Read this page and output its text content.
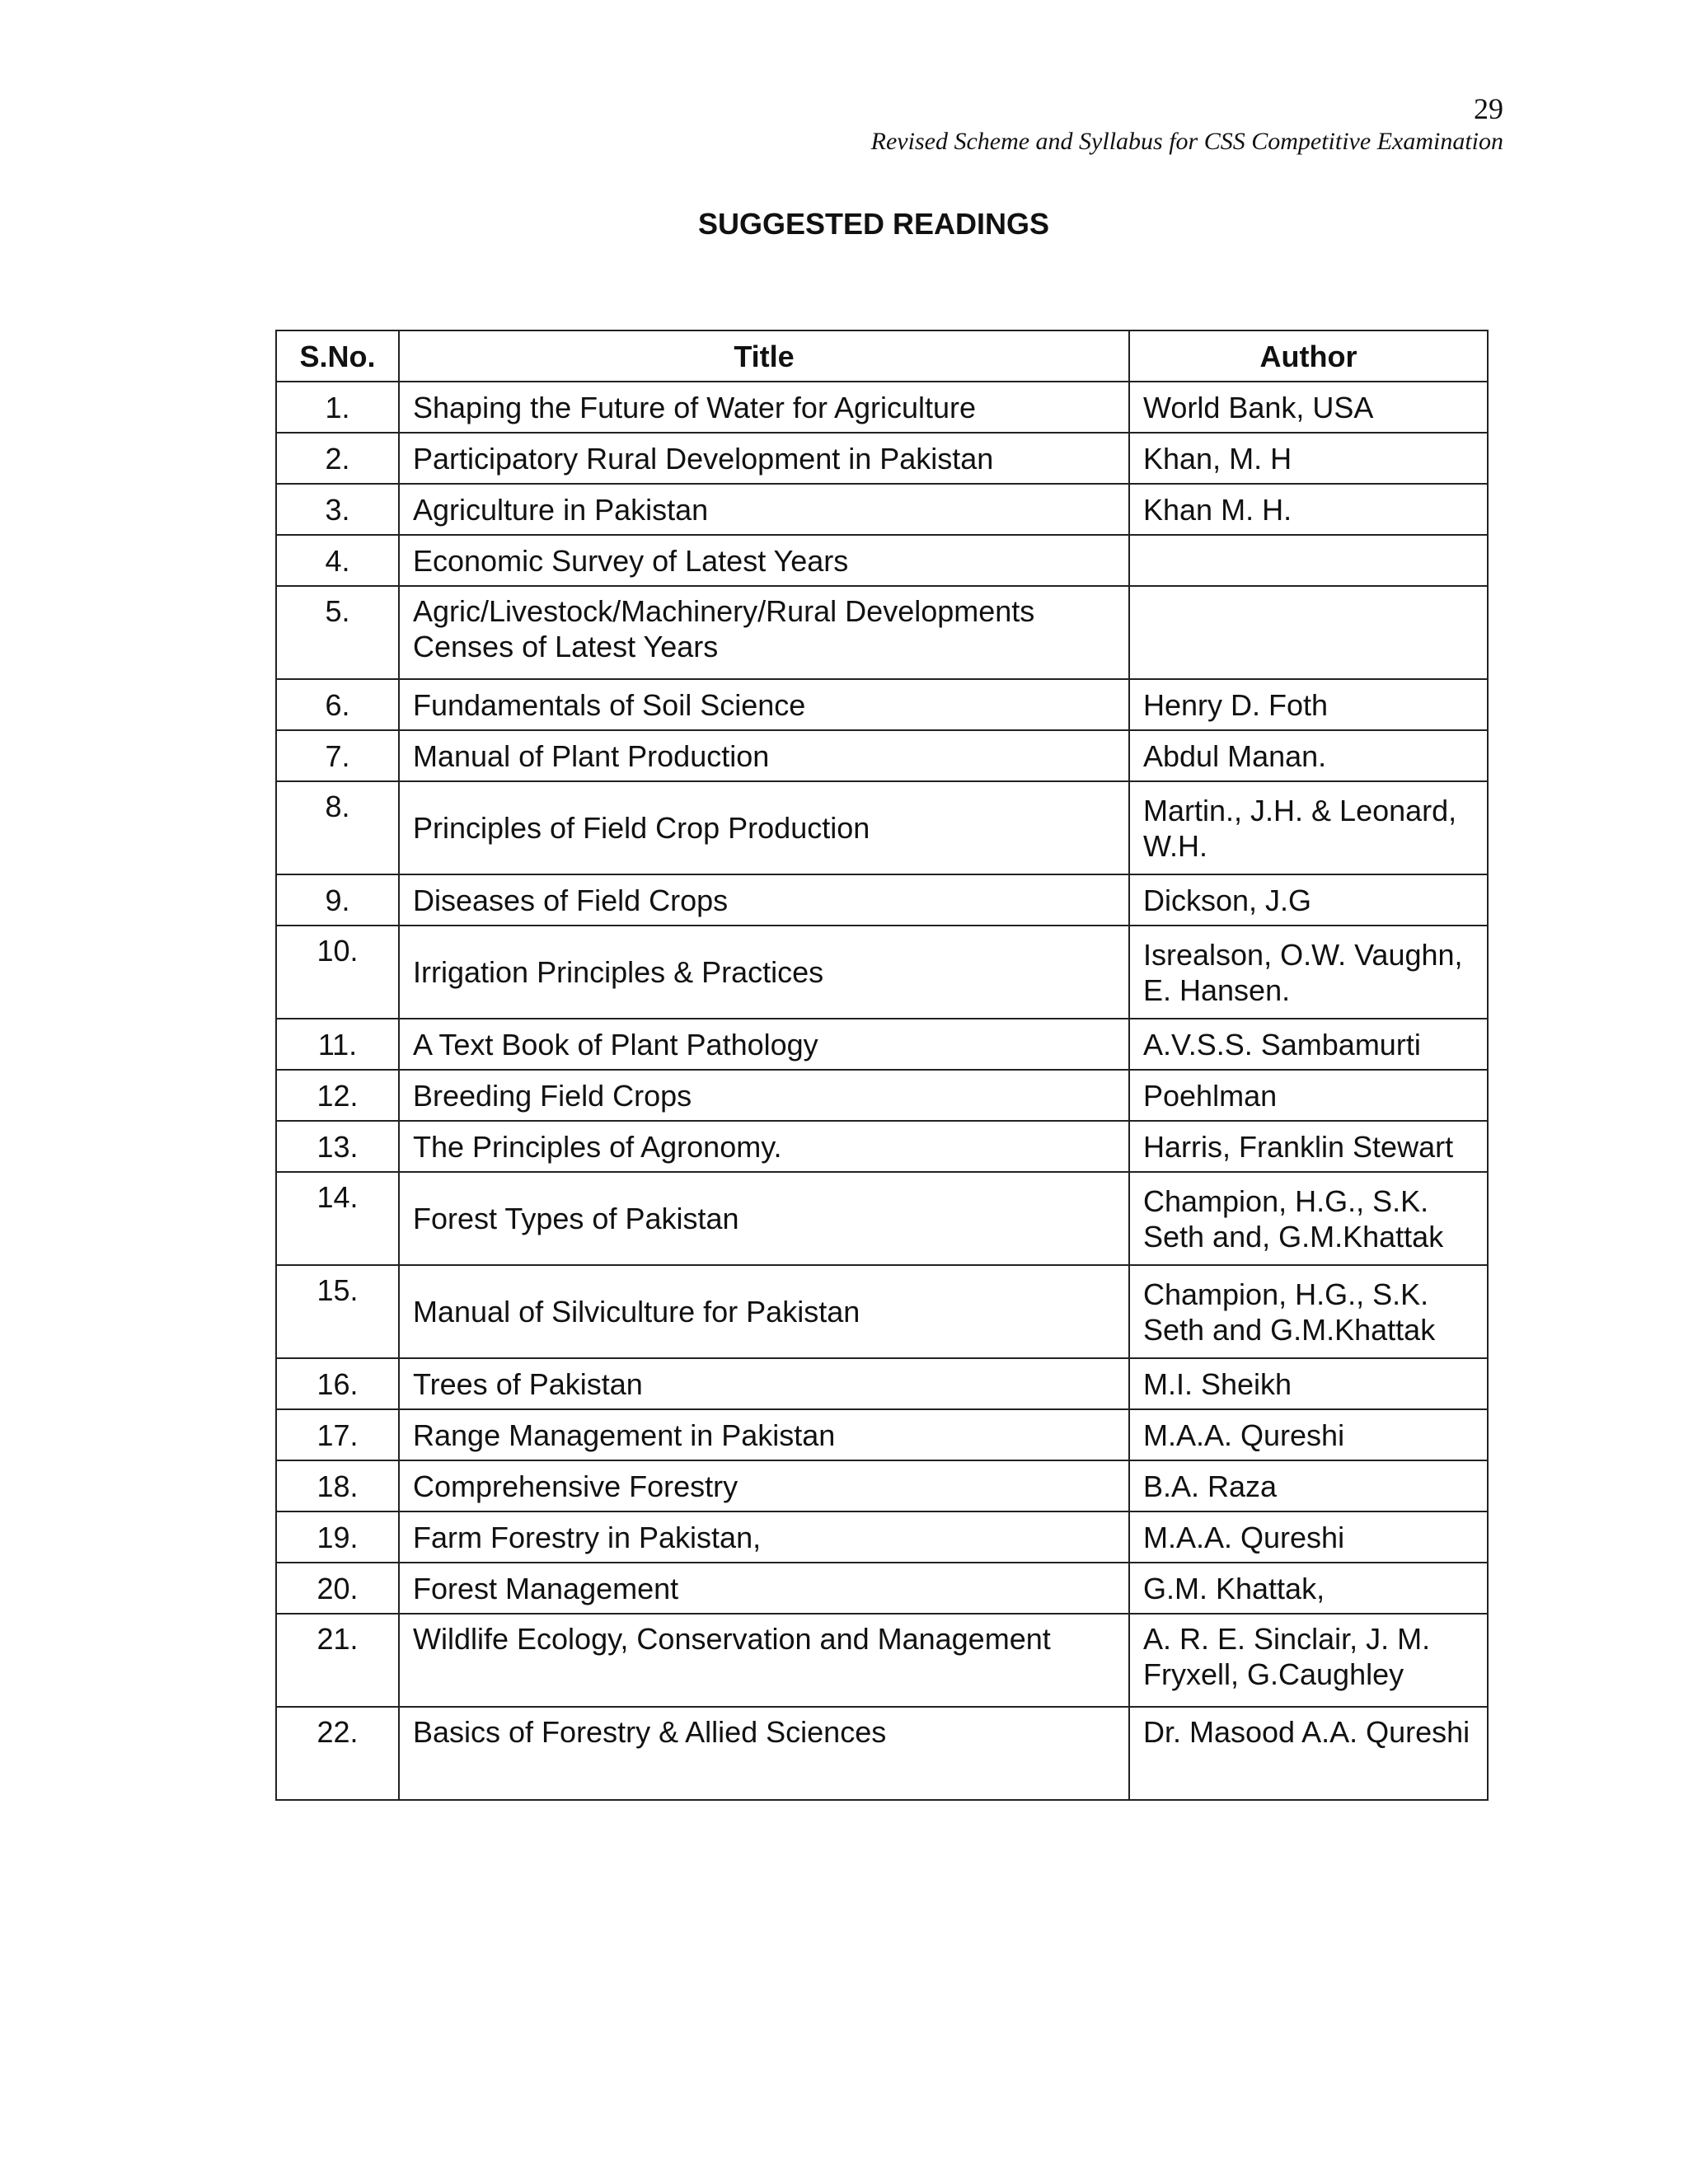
29
Revised Scheme and Syllabus for CSS Competitive Examination
SUGGESTED READINGS
S.No.	Title	Author
1.	Shaping the Future of Water for Agriculture	World Bank, USA
2.	Participatory Rural Development in Pakistan	Khan, M. H
3.	Agriculture in Pakistan	Khan M. H.
4.	Economic Survey of Latest Years	
5.	Agric/Livestock/Machinery/Rural Developments Censes of Latest Years	
6.	Fundamentals of Soil Science	Henry D. Foth
7.	Manual of Plant Production	Abdul Manan.
8.	Principles of Field Crop Production	Martin., J.H. & Leonard, W.H.
9.	Diseases of Field Crops	Dickson, J.G
10.	Irrigation Principles & Practices	Isrealson, O.W. Vaughn, E. Hansen.
11.	A Text Book of Plant Pathology	A.V.S.S. Sambamurti
12.	Breeding Field Crops	Poehlman
13.	The Principles of Agronomy.	Harris, Franklin Stewart
14.	Forest Types of Pakistan	Champion, H.G., S.K. Seth and, G.M.Khattak
15.	Manual of Silviculture for Pakistan	Champion, H.G., S.K. Seth and G.M.Khattak
16.	Trees of Pakistan	M.I. Sheikh
17.	Range Management in Pakistan	M.A.A. Qureshi
18.	Comprehensive Forestry	B.A. Raza
19.	Farm Forestry in Pakistan,	M.A.A. Qureshi
20.	Forest Management	G.M. Khattak,
21.	Wildlife Ecology, Conservation and Management	A. R. E. Sinclair, J. M. Fryxell, G.Caughley
22.	Basics of Forestry & Allied Sciences	Dr. Masood A.A. Qureshi
